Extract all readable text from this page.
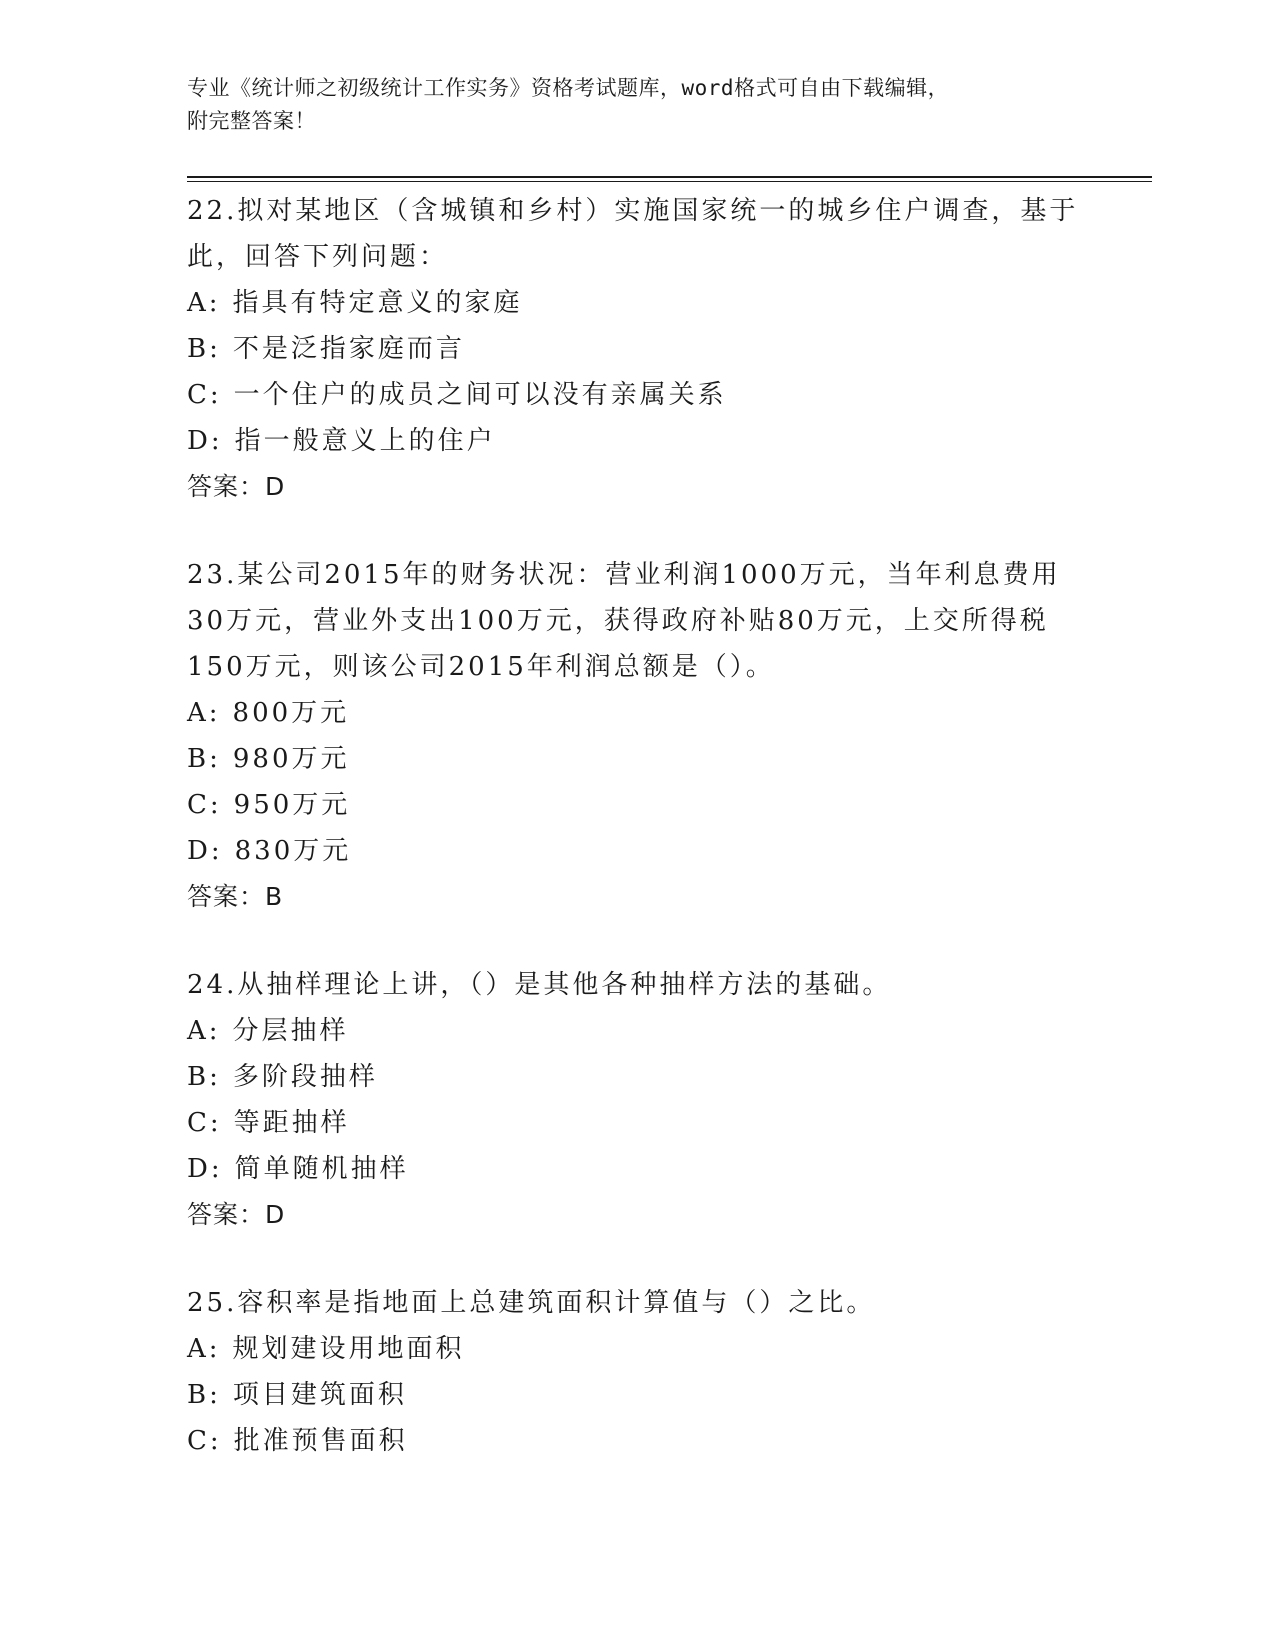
专业《统计师之初级统计工作实务》资格考试题库，word格式可自由下载编辑，
附完整答案！

22.拟对某地区（含城镇和乡村）实施国家统一的城乡住户调查，基于此，回答下列问题：

A: 指具有特定意义的家庭

B: 不是泛指家庭而言

C: 一个住户的成员之间可以没有亲属关系

D: 指一般意义上的住户

答案：D

23.某公司2015年的财务状况：营业利润1000万元，当年利息费用30万元，营业外支出100万元，获得政府补贴80万元，上交所得税150万元，则该公司2015年利润总额是（）。

A: 800万元

B: 980万元

C: 950万元

D: 830万元

答案：B

24.从抽样理论上讲，（）是其他各种抽样方法的基础。

A: 分层抽样

B: 多阶段抽样

C: 等距抽样

D: 简单随机抽样

答案：D

25.容积率是指地面上总建筑面积计算值与（）之比。

A: 规划建设用地面积

B: 项目建筑面积

C: 批准预售面积
